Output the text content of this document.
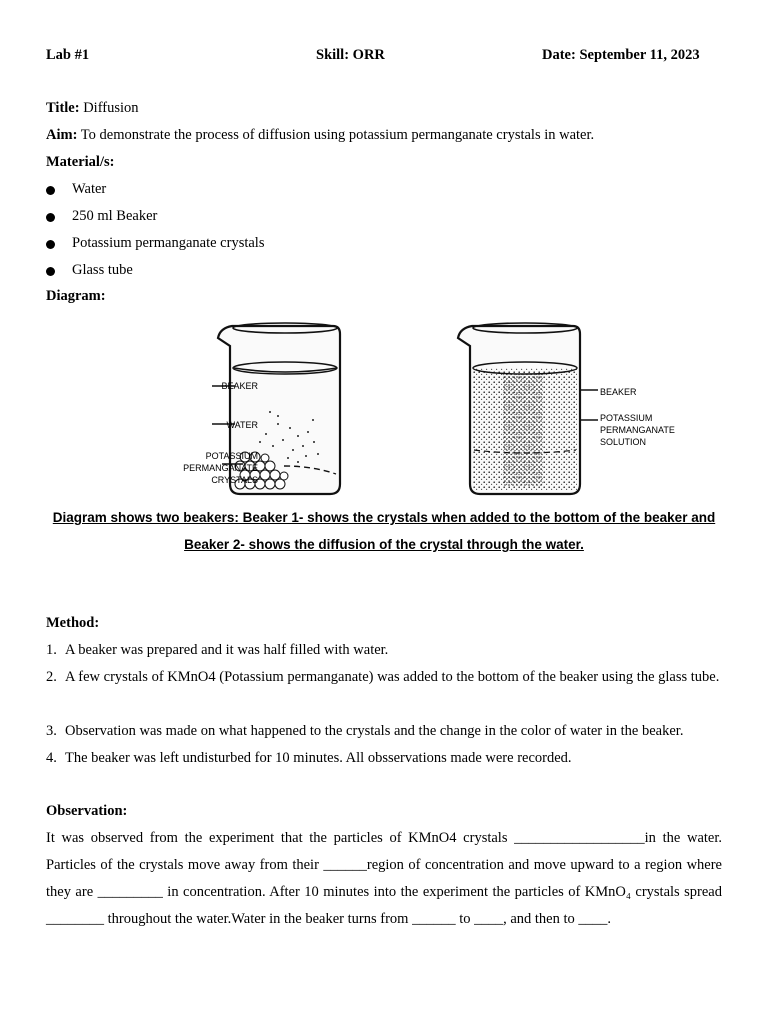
Lab #1	Skill: ORR	Date: September 11, 2023
Title: Diffusion
Aim: To demonstrate the process of diffusion using potassium permanganate crystals in water.
Material/s:
Water
250 ml Beaker
Potassium permanganate crystals
Glass tube
Diagram:
BEAKER
WATER
POTASSIUM
PERMANGANATE
CRYSTALS
BEAKER
POTASSIUM
PERMANGANATE
SOLUTION
Diagram shows two beakers: Beaker 1- shows the crystals when added to the bottom of the beaker and
Beaker 2- shows the diffusion of the crystal through the water.
Method:
1. A beaker was prepared and it was half filled with water.
2. A few crystals of KMnO4 (Potassium permanganate) was added to the bottom of the beaker using the glass tube.
3. Observation was made on what happened to the crystals and the change in the color of water in the beaker.
4. The beaker was left undisturbed for 10 minutes. All obsservations made were recorded.
Observation:
It was observed from the experiment that the particles of KMnO4 crystals __________________in the water. Particles of the crystals move away from their ______region of concentration and move upward to a region where they are _________ in concentration. After 10 minutes into the experiment the particles of KMnO₄ crystals spread ________ throughout the water.Water in the beaker turns from ______ to ____, and then to ____.
